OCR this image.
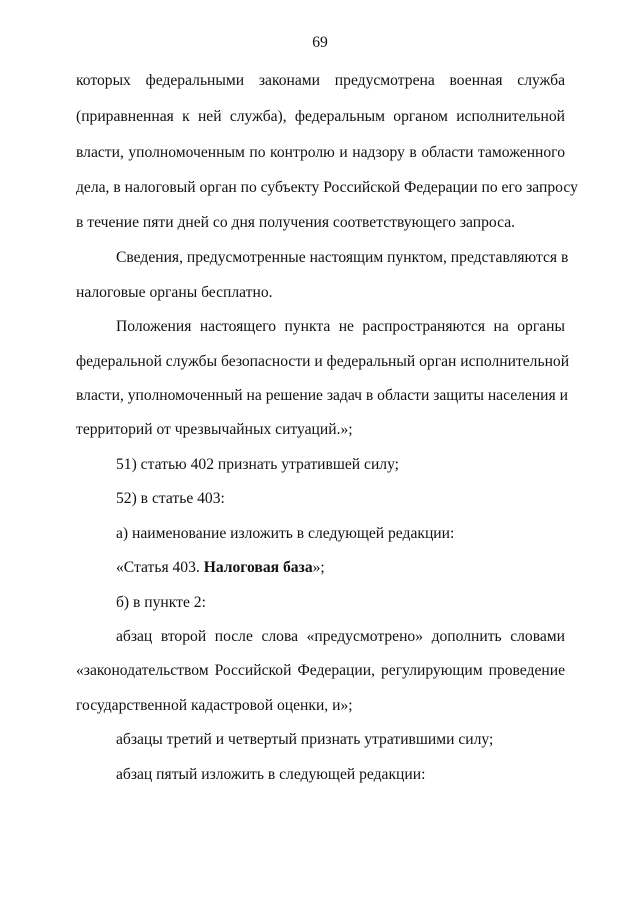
69
которых федеральными законами предусмотрена военная служба
(приравненная к ней служба), федеральным органом исполнительной
власти, уполномоченным по контролю и надзору в области таможенного
дела, в налоговый орган по субъекту Российской Федерации по его запросу
в течение пяти дней со дня получения соответствующего запроса.
Сведения, предусмотренные настоящим пунктом, представляются в
налоговые органы бесплатно.
Положения настоящего пункта не распространяются на органы
федеральной службы безопасности и федеральный орган исполнительной
власти, уполномоченный на решение задач в области защиты населения и
территорий от чрезвычайных ситуаций.»;
51) статью 402 признать утратившей силу;
52) в статье 403:
а) наименование изложить в следующей редакции:
«Статья 403. Налоговая база»;
б) в пункте 2:
абзац второй после слова «предусмотрено» дополнить словами
«законодательством Российской Федерации, регулирующим проведение
государственной кадастровой оценки, и»;
абзацы третий и четвертый признать утратившими силу;
абзац пятый изложить в следующей редакции:
